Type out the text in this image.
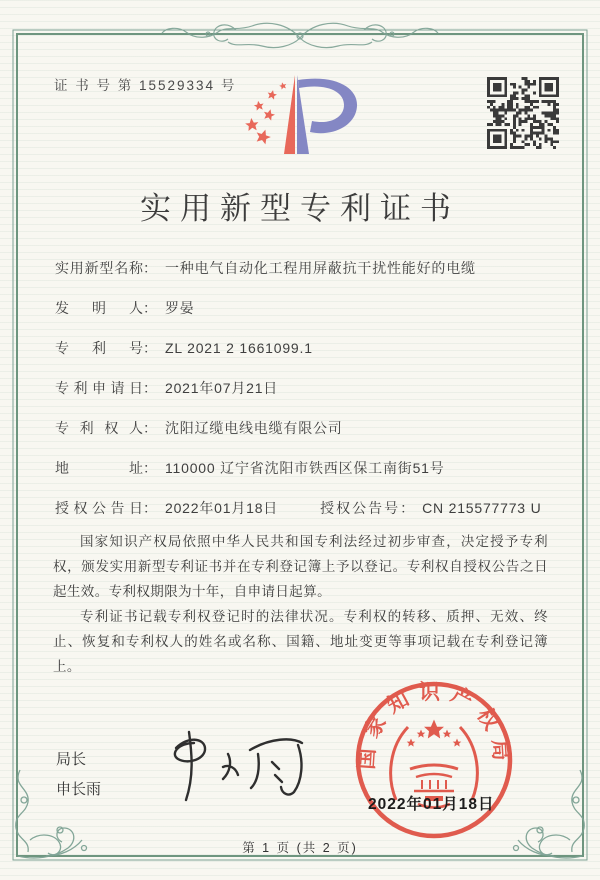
证 书 号 第 15529334 号
实用新型专利证书
实用新型名称： 一种电气自动化工程用屏蔽抗干扰性能好的电缆
发明人： 罗晏
专利号： ZL 2021 2 1661099.1
专利申请日： 2021年07月21日
专利权人： 沈阳辽缆电线电缆有限公司
地址： 110000 辽宁省沈阳市铁西区保工南街51号
授权公告日： 2022年01月18日	授权公告号： CN 215577773 U

国家知识产权局依照中华人民共和国专利法经过初步审查，决定授予专利权，颁发实用新型专利证书并在专利登记簿上予以登记。专利权自授权公告之日起生效。专利权期限为十年，自申请日起算。

专利证书记载专利权登记时的法律状况。专利权的转移、质押、无效、终止、恢复和专利权人的姓名或名称、国籍、地址变更等事项记载在专利登记簿上。

局长
申长雨
国家知识产权局
2022年01月18日
第 1 页 (共 2 页)
